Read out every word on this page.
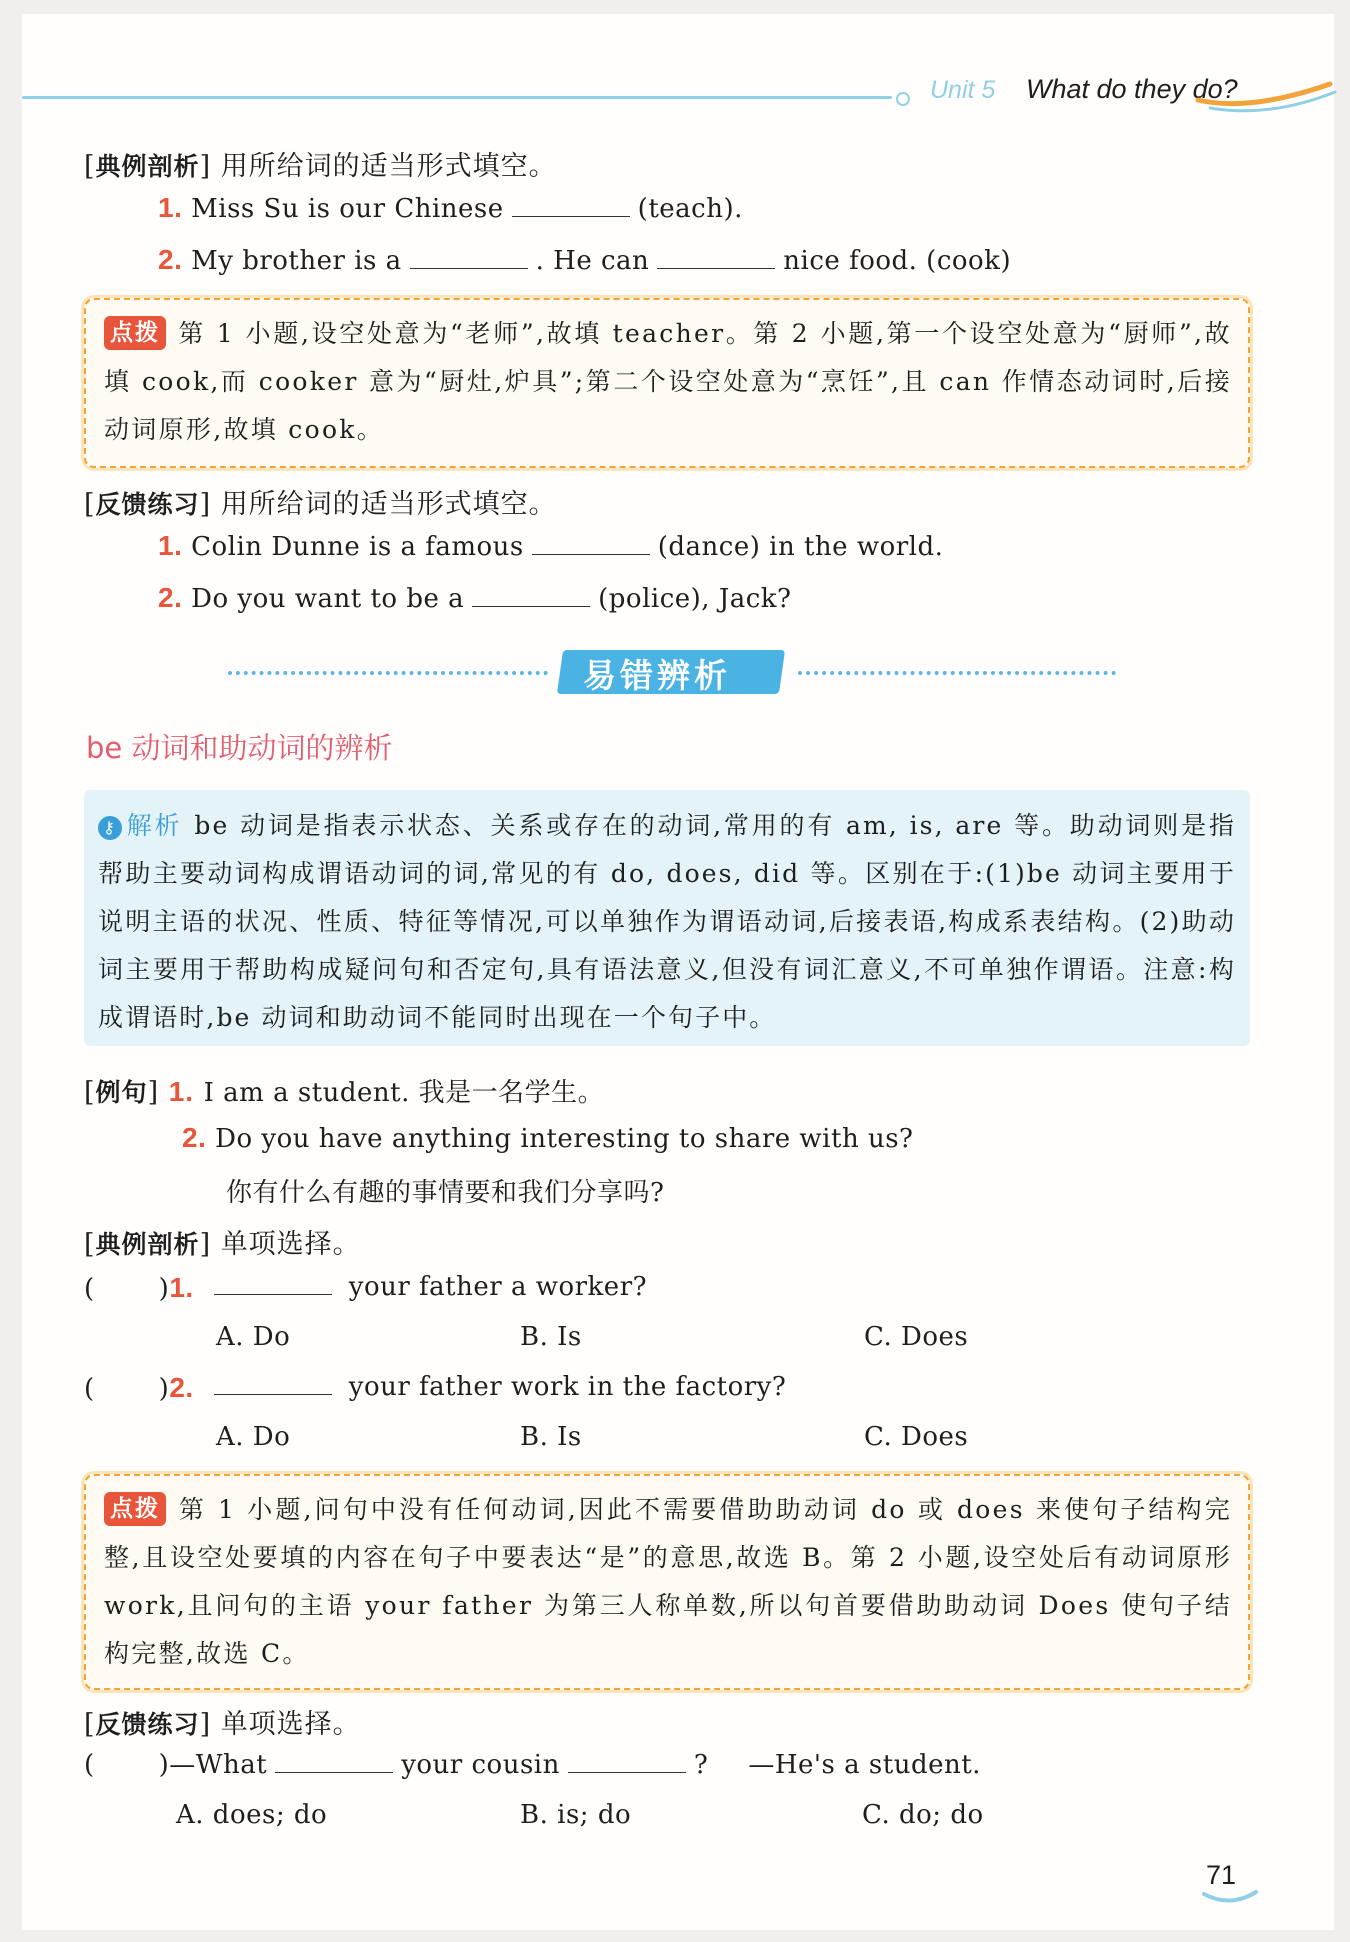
Unit 5 What do they do?
[典例剖析] 用所给词的适当形式填空。
1. Miss Su is our Chinese	(teach).
2. My brother is a	. He can	nice food. (cook)
点拨 第 1 小题,设空处意为“老师”,故填 teacher。第 2 小题,第一个设空处意为“厨师”,故填 cook,而 cooker 意为“厨灶,炉具”;第二个设空处意为“烹饪”,且 can 作情态动词时,后接动词原形,故填 cook。
[反馈练习] 用所给词的适当形式填空。
1. Colin Dunne is a famous	(dance) in the world.
2. Do you want to be a	(police), Jack?
易错辨析
be 动词和助动词的辨析
⚷ 解析 be 动词是指表示状态、关系或存在的动词,常用的有 am, is, are 等。助动词则是指帮助主要动词构成谓语动词的词,常见的有 do, does, did 等。区别在于:(1)be 动词主要用于说明主语的状况、性质、特征等情况,可以单独作为谓语动词,后接表语,构成系表结构。(2)助动词主要用于帮助构成疑问句和否定句,具有语法意义,但没有词汇意义,不可单独作谓语。注意:构成谓语时,be 动词和助动词不能同时出现在一个句子中。
[例句] 1. I am a student. 我是一名学生。
2. Do you have anything interesting to share with us?
你有什么有趣的事情要和我们分享吗?
[典例剖析] 单项选择。
( )1.	your father a worker?
A. Do	B. Is	C. Does
( )2.	your father work in the factory?
A. Do	B. Is	C. Does
点拨 第 1 小题,问句中没有任何动词,因此不需要借助助动词 do 或 does 来使句子结构完整,且设空处要填的内容在句子中要表达“是”的意思,故选 B。第 2 小题,设空处后有动词原形 work,且问句的主语 your father 为第三人称单数,所以句首要借助助动词 Does 使句子结构完整,故选 C。
[反馈练习] 单项选择。
( )—What	your cousin	? —He's a student.
A. does; do	B. is; do	C. do; do
71
